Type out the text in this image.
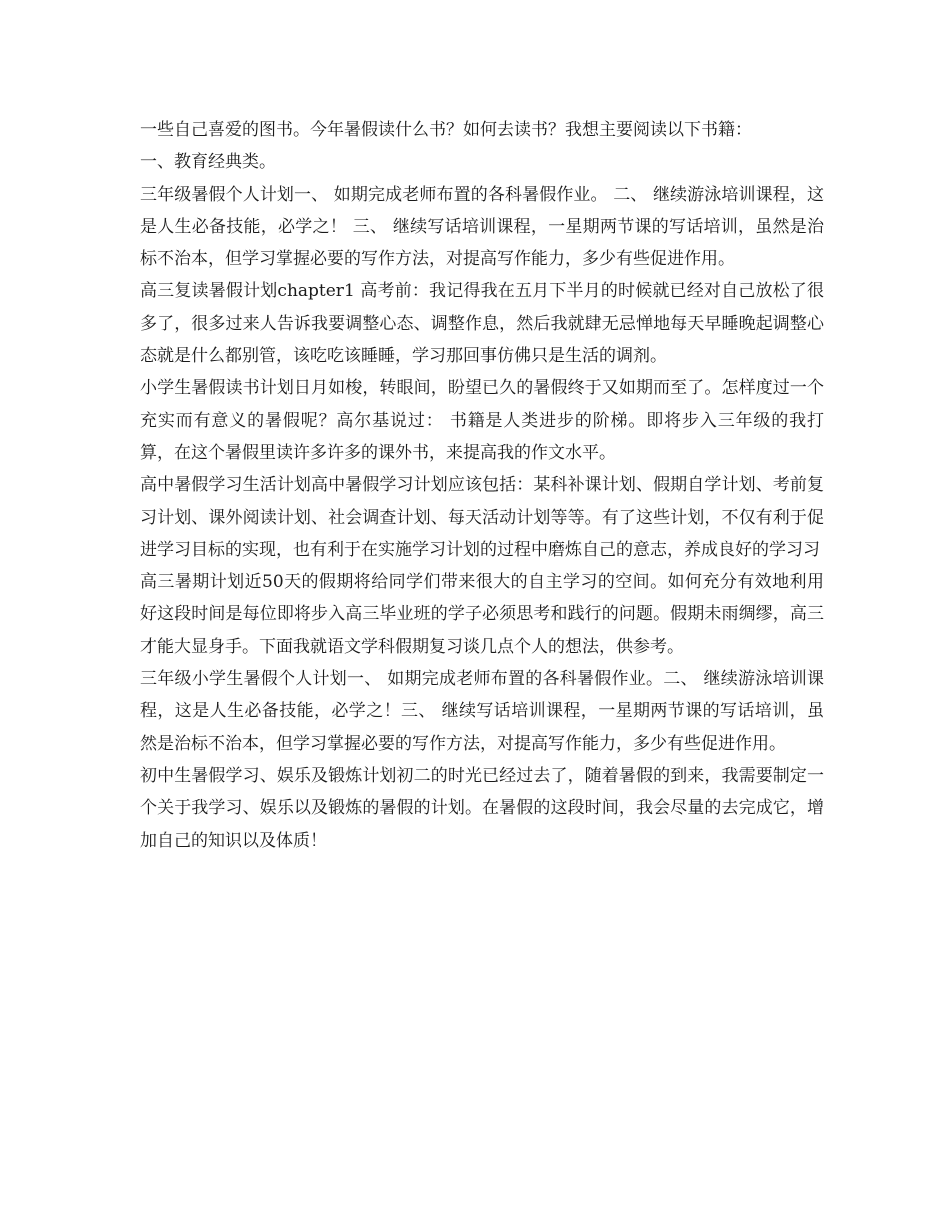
一些自己喜爱的图书。今年暑假读什么书？如何去读书？我想主要阅读以下书籍：

一、教育经典类。

三年级暑假个人计划一、 如期完成老师布置的各科暑假作业。 二、 继续游泳培训课程，这是人生必备技能，必学之！ 三、 继续写话培训课程，一星期两节课的写话培训，虽然是治标不治本，但学习掌握必要的写作方法，对提高写作能力，多少有些促进作用。

高三复读暑假计划chapter1 高考前：我记得我在五月下半月的时候就已经对自己放松了很多了，很多过来人告诉我要调整心态、调整作息，然后我就肆无忌惮地每天早睡晚起调整心态就是什么都别管，该吃吃该睡睡，学习那回事仿佛只是生活的调剂。

小学生暑假读书计划日月如梭，转眼间，盼望已久的暑假终于又如期而至了。怎样度过一个充实而有意义的暑假呢？高尔基说过： 书籍是人类进步的阶梯。即将步入三年级的我打算，在这个暑假里读许多许多的课外书，来提高我的作文水平。

高中暑假学习生活计划高中暑假学习计划应该包括：某科补课计划、假期自学计划、考前复习计划、课外阅读计划、社会调查计划、每天活动计划等等。有了这些计划，不仅有利于促进学习目标的实现，也有利于在实施学习计划的过程中磨炼自己的意志，养成良好的学习习

高三暑期计划近50天的假期将给同学们带来很大的自主学习的空间。如何充分有效地利用好这段时间是每位即将步入高三毕业班的学子必须思考和践行的问题。假期未雨绸缪，高三才能大显身手。下面我就语文学科假期复习谈几点个人的想法，供参考。

三年级小学生暑假个人计划一、 如期完成老师布置的各科暑假作业。二、 继续游泳培训课程，这是人生必备技能，必学之！三、 继续写话培训课程，一星期两节课的写话培训，虽然是治标不治本，但学习掌握必要的写作方法，对提高写作能力，多少有些促进作用。

初中生暑假学习、娱乐及锻炼计划初二的时光已经过去了，随着暑假的到来，我需要制定一个关于我学习、娱乐以及锻炼的暑假的计划。在暑假的这段时间，我会尽量的去完成它，增加自己的知识以及体质！
